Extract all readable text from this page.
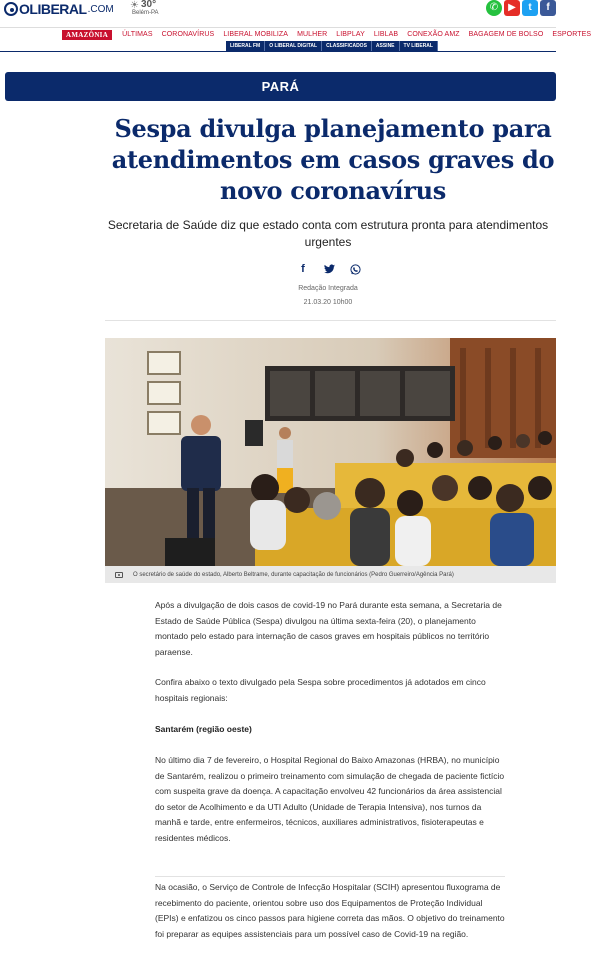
OLIBERAL .COM ☀ 30°
Belém-PA	✆ ▶	t	f
AMAZÔNIA	ÚLTIMAS CORONAVÍRUS LIBERAL MOBILIZA MULHER LIBPLAY LIBLAB CONEXÃO AMZ BAGAGEM DE BOLSO ESPORTES
LIBERAL FM	O LIBERAL DIGITAL	CLASSIFICADOS	ASSINE	TV LIBERAL
PARÁ
Sespa divulga planejamento para atendimentos em casos graves do novo coronavírus

Secretaria de Saúde diz que estado conta com estrutura pronta para atendimentos urgentes

f
Redação Integrada
21.03.20 10h00
O secretário de saúde do estado, Alberto Beltrame, durante capacitação de funcionários (Pedro Guerreiro/Agência Pará)

Após a divulgação de dois casos de covid-19 no Pará durante esta semana, a Secretaria de Estado de Saúde Pública (Sespa) divulgou na última sexta-feira (20), o planejamento montado pelo estado para internação de casos graves em hospitais públicos no território paraense.

Confira abaixo o texto divulgado pela Sespa sobre procedimentos já adotados em cinco hospitais regionais:

Santarém (região oeste)

No último dia 7 de fevereiro, o Hospital Regional do Baixo Amazonas (HRBA), no município de Santarém, realizou o primeiro treinamento com simulação de chegada de paciente fictício com suspeita grave da doença. A capacitação envolveu 42 funcionários da área assistencial do setor de Acolhimento e da UTI Adulto (Unidade de Terapia Intensiva), nos turnos da manhã e tarde, entre enfermeiros, técnicos, auxiliares administrativos, fisioterapeutas e residentes médicos.

Na ocasião, o Serviço de Controle de Infecção Hospitalar (SCIH) apresentou fluxograma de recebimento do paciente, orientou sobre uso dos Equipamentos de Proteção Individual (EPIs) e enfatizou os cinco passos para higiene correta das mãos. O objetivo do treinamento foi preparar as equipes assistenciais para um possível caso de Covid-19 na região.
